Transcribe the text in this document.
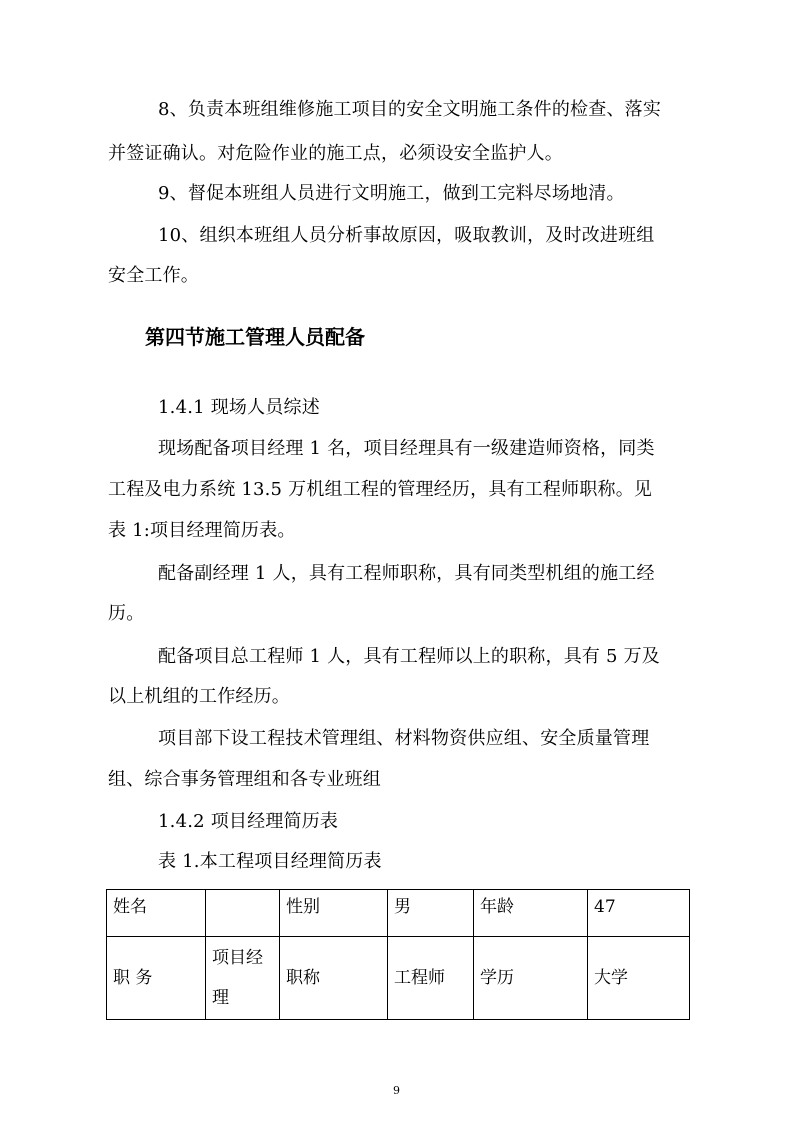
8、负责本班组维修施工项目的安全文明施工条件的检查、落实
并签证确认。对危险作业的施工点，必须设安全监护人。
9、督促本班组人员进行文明施工，做到工完料尽场地清。
10、组织本班组人员分析事故原因，吸取教训，及时改进班组
安全工作。
第四节施工管理人员配备
1.4.1 现场人员综述
现场配备项目经理 1 名，项目经理具有一级建造师资格，同类
工程及电力系统 13.5 万机组工程的管理经历，具有工程师职称。见
表 1:项目经理简历表。
配备副经理 1 人，具有工程师职称，具有同类型机组的施工经
历。
配备项目总工程师 1 人，具有工程师以上的职称，具有 5 万及
以上机组的工作经历。
项目部下设工程技术管理组、材料物资供应组、安全质量管理
组、综合事务管理组和各专业班组
1.4.2 项目经理简历表
表 1.本工程项目经理简历表
姓名		性别	男	年龄	47
职 务	项目经理	职称	工程师	学历	大学
9
